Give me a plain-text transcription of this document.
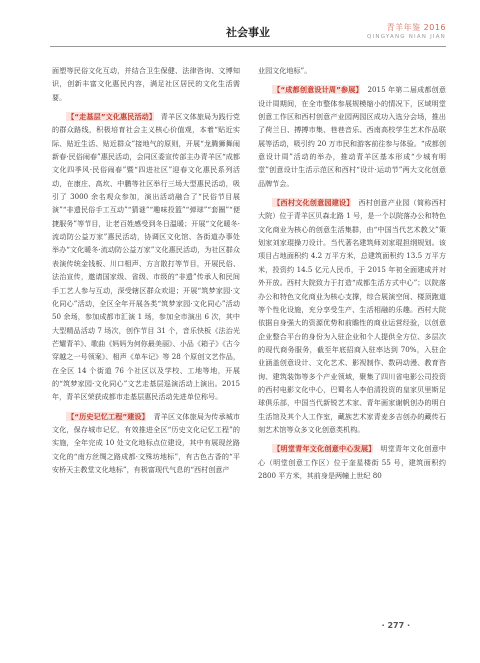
社会事业	青羊年鉴 2016
QINGYANG NIAN JIAN

面塑等民俗文化互动，并结合卫生保健、法律咨询、文博知识，创新丰富文化惠民内容，满足社区居民的文化生活需要。

【“走基层”文化惠民活动】　青羊区文体旅局为践行党的群众路线，积极培育社会主义核心价值观，本着“贴近实际、贴近生活、贴近群众”接地气的原则，开展“龙腾狮舞闹新春·民俗闹春”惠民活动，会同区委宣传部主办青羊区“成都文化四季风·民俗闹春”暨“四进社区”迎春文化惠民系列活动，在康庄、高坎、中鹏等社区举行三场大型惠民活动，吸引了 3000 余名观众参加，演出活动融合了“民俗节目展演”“非遗民俗手工互动”“猜谜”“趣味投篮”“弹球”“套圈”“便捷服务”等节目，让老百姓感受到冬日温暖；开展“文化暖冬·流动防公益万家”惠民活动，协调区文化馆、各街道办事处举办“文化暖冬·流动防公益万家”文化惠民活动，为社区群众表演传统金钱板、川口相声、方言散打等节目，开展民俗、法治宣传，邀请国家级、省级、市级的“非遗”传承人和民间手工艺人参与互动，深受辖区群众欢迎；开展“筑梦家园·文化同心”活动，全区全年开展各类“筑梦家园·文化同心”活动 50 余场，参加成都市汇演 1 场，参加全市演出 6 次，其中大型精品活动 7 场次，创作节目 31 个，音乐快板《法治光芒耀青羊》、歌曲《妈妈为何你最美丽》、小品《箱子》《古今穿越之一号领案》、相声《单车记》等 28 个原创文艺作品，在全区 14 个街道 76 个社区以及学校、工地等地，开展的“筑梦家园·文化同心”文艺走基层巡演活动上演出。2015 年，青羊区荣获成都市走基层惠民活动先进单位称号。

【“历史记忆工程”建设】　青羊区文体旅局为传承城市文化，保存城市记忆，有效推进全区“历史文化记忆工程”的实施，全年完成 10 处文化地标点位建设，其中有展现丝路文化的“南方丝绸之路成都·文殊坊地标”，有古色古香的“平安桥天主教堂文化地标”，有极富现代气息的“西村创意产

业园文化地标”。

【“成都创意设计周”参展】　2015 年第二届成都创意设计周期间，在全市整体参展规模缩小的情况下，区域明堂创意工作区和西村创意产业园两园区成功入选分会场，推出了荷兰日、搏搏市集、巷巷音乐、西南高校学生艺术作品联展等活动，吸引约 20 万市民和游客前往参与体验。“成都创意设计周”活动的举办，推动青羊区基本形成“少城有明堂”创意设计生活示范区和西村“设计·运动节”两大文化创意品牌节会。

【西村文化创意园建设】　西村创意产业园（简称西村大院）位于青羊区贝森北路 1 号，是一个以院落办公和特色文化商业为核心的创意生活集群，由“中国当代艺术教父”策划家刘家琨操刀设计。当代著名建筑师刘家琨担纲规划。该项目占地面积约 4.2 万平方米，总建筑面积约 13.5 万平方米，投资约 14.5 亿元人民币，于 2015 年初全面建成并对外开放。西村大院致力于打造“成都生活方式中心”；以院落办公和特色文化商业为核心支撑，综合展演空间、楼顶跑道等个性化设施，充分享受生产、生活相融的乐趣。西村大院依据自身强大的资源优势和前瞻性的商业运营经验，以创意企业整合平台的身份为入驻企业和个人提供全方位、多层次的现代商务服务，截至年底招商入驻率达到 70%，入驻企业涵盖创意设计、文化艺术、影视制作、数码动漫、教育咨询、建筑装饰等多个产业领域，聚集了四川省电影公司投资的西村电影文化中心，巴蜀名人李伯清投资的皇家贝里斯足球俱乐部，中国当代新锐艺术家、青年画家谢帆创办的明白生活馆及其个人工作室，藏族艺术家青麦多吉创办的藏传石刻艺术馆等众多文化创意类机构。

【明堂青年文化创意中心发展】　明堂青年文化创意中心（明堂创意工作区）位于奎星楼街 55 号，建筑面积约 2800 平方米，其前身是两幢上世纪 80

· 277 ·
